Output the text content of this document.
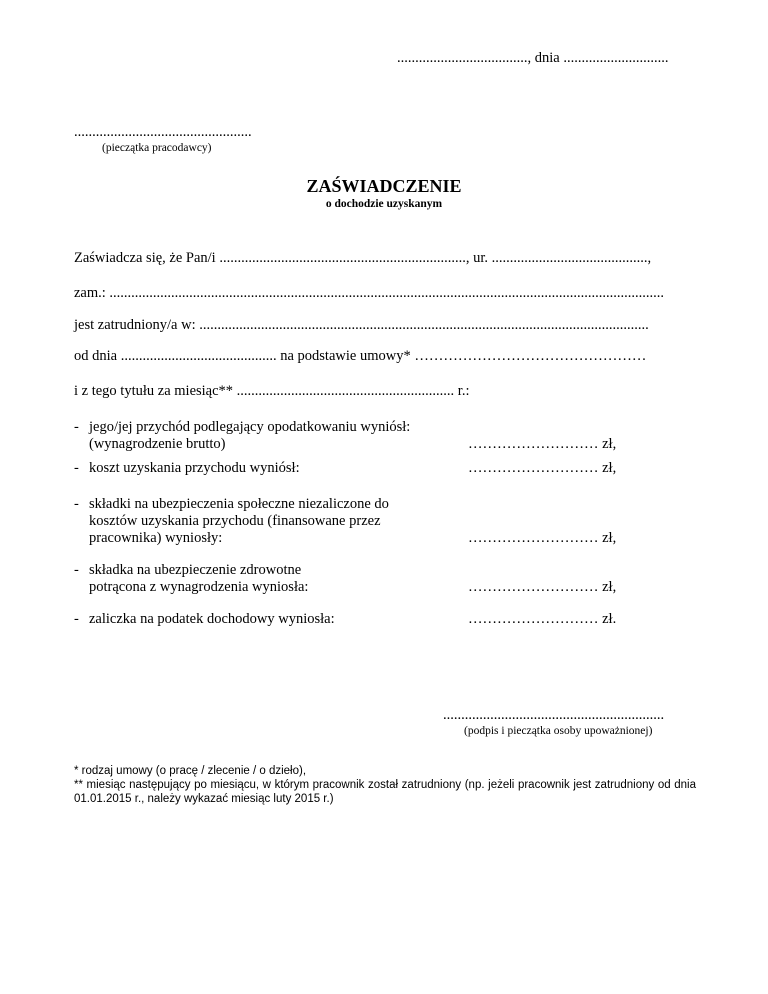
...................................., dnia .............................
.................................................
(pieczątka pracodawcy)
ZAŚWIADCZENIE
o dochodzie uzyskanym
Zaświadcza się, że Pan/i ...................................................................., ur. ...........................................,
zam.: .........................................................................................................................................................
jest zatrudniony/a w: ............................................................................................................................
od dnia ........................................... na podstawie umowy* …………………………………………
i z tego tytułu za miesiąc** ............................................................ r.:
- jego/jej przychód podlegający opodatkowaniu wyniósł:
(wynagrodzenie brutto)	……………………… zł,
- koszt uzyskania przychodu wyniósł:	……………………… zł,
- składki na ubezpieczenia społeczne niezaliczone do
kosztów uzyskania przychodu (finansowane przez
pracownika) wyniosły:	……………………… zł,
- składka na ubezpieczenie zdrowotne
potrącona z wynagrodzenia wyniosła:	……………………… zł,
- zaliczka na podatek dochodowy wyniosła:	……………………… zł.
.............................................................
(podpis i pieczątka osoby upoważnionej)

* rodzaj umowy (o pracę / zlecenie / o dzieło),

** miesiąc następujący po miesiącu, w którym pracownik został zatrudniony (np. jeżeli pracownik jest zatrudniony od dnia 01.01.2015 r., należy wykazać miesiąc luty 2015 r.)
